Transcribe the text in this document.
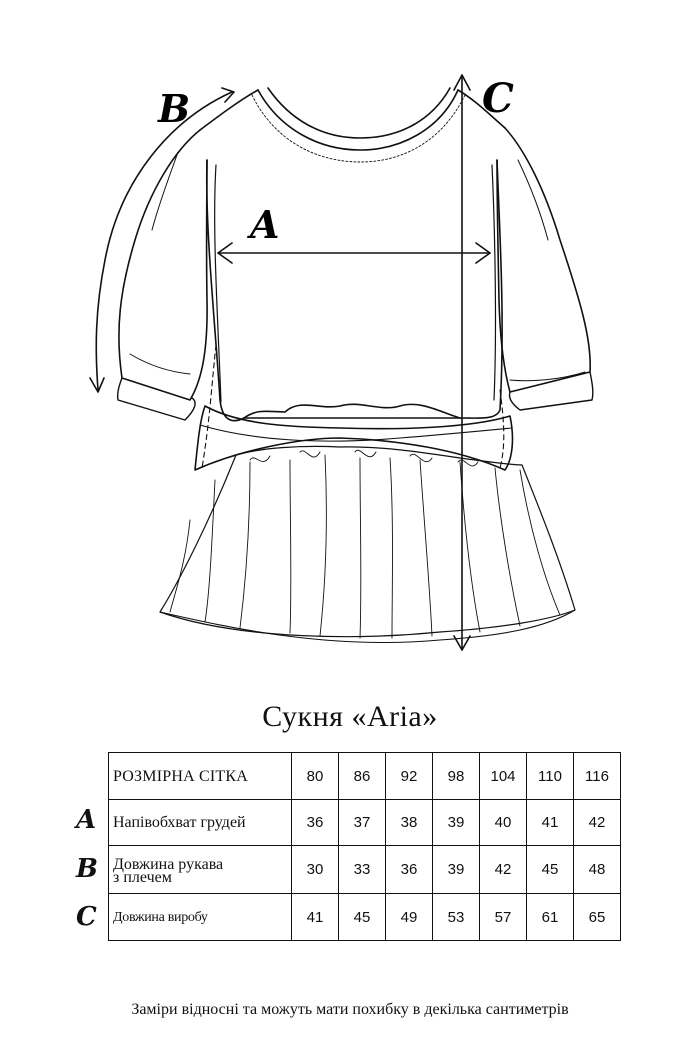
A
B	C
Сукня «Aria»
A
B
C
РОЗМІРНА СІТКА	80	86	92	98	104	110	116
Напівобхват грудей	36	37	38	39	40	41	42

Довжина рукава
з плечем	30	33	36	39	42	45	48
Довжина виробу	41	45	49	53	57	61	65
Заміри відносні та можуть мати похибку в декілька сантиметрів
